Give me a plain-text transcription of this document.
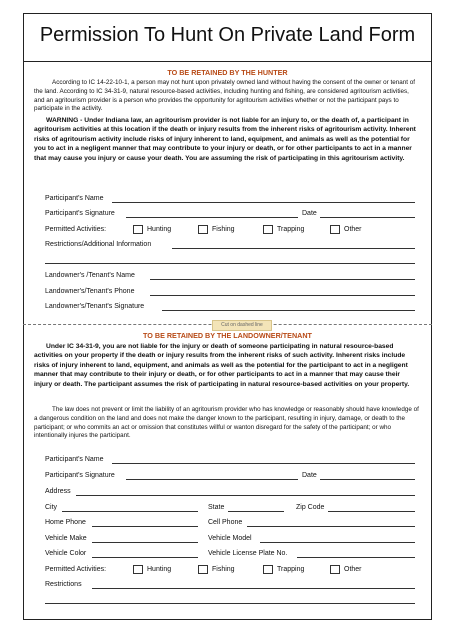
Permission To Hunt On Private Land Form
TO BE RETAINED BY THE HUNTER

According to IC 14-22-10-1, a person may not hunt upon privately owned land without having the consent of the owner or tenant of the land. According to IC 34-31-9, natural resource-based activities, including hunting and fishing, are considered agritourism activities, and an agritourism provider is a person who provides the opportunity for agritourism activities whether or not the participant pays to participate in the activity.

WARNING - Under Indiana law, an agritourism provider is not liable for an injury to, or the death of, a participant in agritourism activities at this location if the death or injury results from the inherent risks of agritourism activity. Inherent risks of agritourism activity include risks of injury inherent to land, equipment, and animals as well as the potential for you to act in a negligent manner that may contribute to your injury or death, or for other participants to act in a manner that may cause you injury or cause your death. You are assuming the risk of participating in this agritourism activity.

Participant's Name
Participant's Signature	Date
Permitted Activities:	Hunting	Fishing	Trapping	Other
Restrictions/Additional Information
Landowner's /Tenant's Name
Landowner's/Tenant's Phone
Landowner's/Tenant's Signature
Cut on dashed line
TO BE RETAINED BY THE LANDOWNER/TENANT

Under IC 34-31-9, you are not liable for the injury or death of someone participating in natural resource-based activities on your property if the death or injury results from the inherent risks of such activity. Inherent risks include risks of injury inherent to land, equipment, and animals as well as the potential for the participant to act in a negligent manner that may contribute to their injury or death, or for other participants to act in a manner that may cause their injury or death. The participant assumes the risk of participating in natural resource-based activities on your property.

The law does not prevent or limit the liability of an agritourism provider who has knowledge or reasonably should have knowledge of a dangerous condition on the land and does not make the danger known to the participant, resulting in injury, damage, or death to the participant; or who commits an act or omission that constitutes willful or wanton disregard for the safety of the participant; or who intentionally injures the participant.

Participant's Name
Participant's Signature	Date
Address
City	State	Zip Code
Home Phone	Cell Phone
Vehicle Make	Vehicle Model
Vehicle Color	Vehicle License Plate No.
Permitted Activities:	Hunting	Fishing	Trapping	Other
Restrictions
